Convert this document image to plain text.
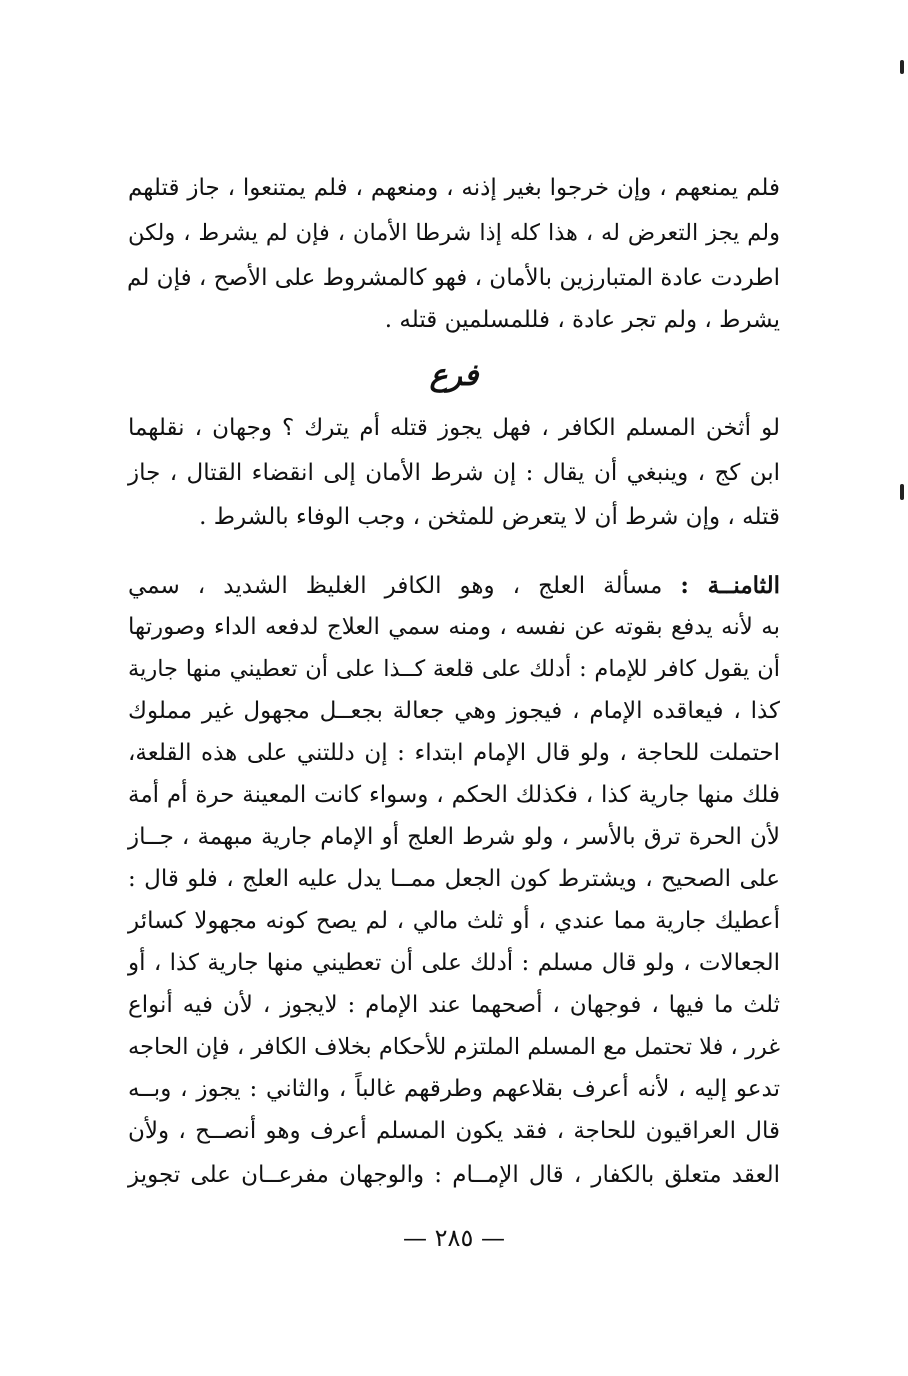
فلم يمنعهم ، وإن خرجوا بغير إذنه ، ومنعهم ، فلم يمتنعوا ، جاز قتلهم
ولم يجز التعرض له ، هذا كله إذا شرطا الأمان ، فإن لم يشرط ، ولكن
اطردت عادة المتبارزين بالأمان ، فهو كالمشروط على الأصح ، فإن لم
يشرط ، ولم تجر عادة ، فللمسلمين قتله .
فرع
لو أثخن المسلم الكافر ، فهل يجوز قتله أم يترك ؟ وجهان ، نقلهما
ابن كج ، وينبغي أن يقال : إن شرط الأمان إلى انقضاء القتال ، جاز
قتله ، وإن شرط أن لا يتعرض للمثخن ، وجب الوفاء بالشرط .
الثامنــة : مسألة العلج ، وهو الكافر الغليظ الشديد ، سمي
به لأنه يدفع بقوته عن نفسه ، ومنه سمي العلاج لدفعه الداء وصورتها
أن يقول كافر للإمام : أدلك على قلعة كــذا على أن تعطيني منها جارية
كذا ، فيعاقده الإمام ، فيجوز وهي جعالة بجعــل مجهول غير مملوك
احتملت للحاجة ، ولو قال الإمام ابتداء : إن دللتني على هذه القلعة،
فلك منها جارية كذا ، فكذلك الحكم ، وسواء كانت المعينة حرة أم أمة
لأن الحرة ترق بالأسر ، ولو شرط العلج أو الإمام جارية مبهمة ، جــاز
على الصحيح ، ويشترط كون الجعل ممــا يدل عليه العلج ، فلو قال :
أعطيك جارية مما عندي ، أو ثلث مالي ، لم يصح كونه مجهولا كسائر
الجعالات ، ولو قال مسلم : أدلك على أن تعطيني منها جارية كذا ، أو
ثلث ما فيها ، فوجهان ، أصحهما عند الإمام : لايجوز ، لأن فيه أنواع
غرر ، فلا تحتمل مع المسلم الملتزم للأحكام بخلاف الكافر ، فإن الحاجه
تدعو إليه ، لأنه أعرف بقلاعهم وطرقهم غالباً ، والثاني : يجوز ، وبــه
قال العراقيون للحاجة ، فقد يكون المسلم أعرف وهو أنصــح ، ولأن
العقد متعلق بالكفار ، قال الإمــام : والوجهان مفرعــان على تجويز
— ٢٨٥ —
